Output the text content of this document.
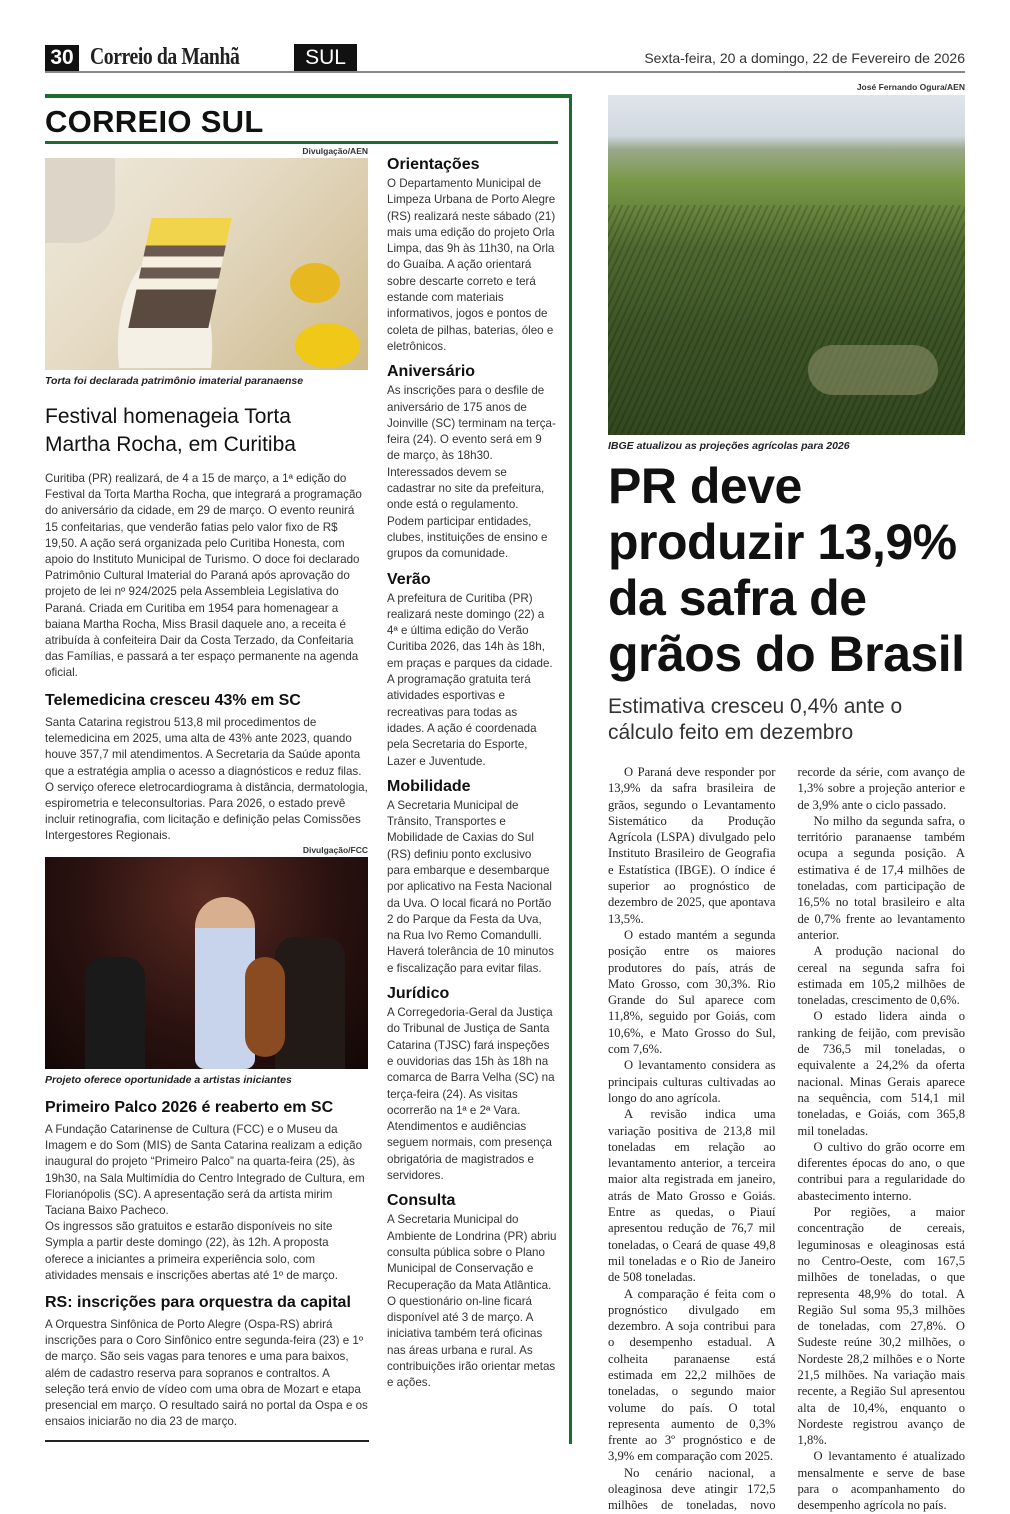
30 Correio da Manhã	SUL	Sexta-feira, 20 a domingo, 22 de Fevereiro de 2026
CORREIO SUL
Divulgação/AEN
Torta foi declarada patrimônio imaterial paranaense
Festival homenageia Torta Martha Rocha, em Curitiba
Curitiba (PR) realizará, de 4 a 15 de março, a 1ª edição do Festival da Torta Martha Rocha, que integrará a programação do aniversário da cidade, em 29 de março. O evento reunirá 15 confeitarias, que venderão fatias pelo valor fixo de R$ 19,50. A ação será organizada pelo Curitiba Honesta, com apoio do Instituto Municipal de Turismo. O doce foi declarado Patrimônio Cultural Imaterial do Paraná após aprovação do projeto de lei nº 924/2025 pela Assembleia Legislativa do Paraná. Criada em Curitiba em 1954 para homenagear a baiana Martha Rocha, Miss Brasil daquele ano, a receita é atribuída à confeiteira Dair da Costa Terzado, da Confeitaria das Famílias, e passará a ter espaço permanente na agenda oficial.
Telemedicina cresceu 43% em SC
Santa Catarina registrou 513,8 mil procedimentos de telemedicina em 2025, uma alta de 43% ante 2023, quando houve 357,7 mil atendimentos. A Secretaria da Saúde aponta que a estratégia amplia o acesso a diagnósticos e reduz filas. O serviço oferece eletrocardiograma à distância, dermatologia, espirometria e teleconsultorias. Para 2026, o estado prevê incluir retinografia, com licitação e definição pelas Comissões Intergestores Regionais.
Divulgação/FCC
Projeto oferece oportunidade a artistas iniciantes
Primeiro Palco 2026 é reaberto em SC
A Fundação Catarinense de Cultura (FCC) e o Museu da Imagem e do Som (MIS) de Santa Catarina realizam a edição inaugural do projeto “Primeiro Palco” na quarta-feira (25), às 19h30, na Sala Multimídia do Centro Integrado de Cultura, em Florianópolis (SC). A apresentação será da artista mirim Taciana Baixo Pacheco.
Os ingressos são gratuitos e estarão disponíveis no site Sympla a partir deste domingo (22), às 12h. A proposta oferece a iniciantes a primeira experiência solo, com atividades mensais e inscrições abertas até 1º de março.
RS: inscrições para orquestra da capital
A Orquestra Sinfônica de Porto Alegre (Ospa-RS) abrirá inscrições para o Coro Sinfônico entre segunda-feira (23) e 1º de março. São seis vagas para tenores e uma para baixos, além de cadastro reserva para sopranos e contraltos. A seleção terá envio de vídeo com uma obra de Mozart e etapa presencial em março. O resultado sairá no portal da Ospa e os ensaios iniciarão no dia 23 de março.
Orientações

O Departamento Municipal de Limpeza Urbana de Porto Alegre (RS) realizará neste sábado (21) mais uma edição do projeto Orla Limpa, das 9h às 11h30, na Orla do Guaíba. A ação orientará sobre descarte correto e terá estande com materiais informativos, jogos e pontos de coleta de pilhas, baterias, óleo e eletrônicos.

Aniversário

As inscrições para o desfile de aniversário de 175 anos de Joinville (SC) terminam na terça-feira (24). O evento será em 9 de março, às 18h30. Interessados devem se cadastrar no site da prefeitura, onde está o regulamento. Podem participar entidades, clubes, instituições de ensino e grupos da comunidade.

Verão

A prefeitura de Curitiba (PR) realizará neste domingo (22) a 4ª e última edição do Verão Curitiba 2026, das 14h às 18h, em praças e parques da cidade. A programação gratuita terá atividades esportivas e recreativas para todas as idades. A ação é coordenada pela Secretaria do Esporte, Lazer e Juventude.

Mobilidade

A Secretaria Municipal de Trânsito, Transportes e Mobilidade de Caxias do Sul (RS) definiu ponto exclusivo para embarque e desembarque por aplicativo na Festa Nacional da Uva. O local ficará no Portão 2 do Parque da Festa da Uva, na Rua Ivo Remo Comandulli. Haverá tolerância de 10 minutos e fiscalização para evitar filas.

Jurídico

A Corregedoria-Geral da Justiça do Tribunal de Justiça de Santa Catarina (TJSC) fará inspeções e ouvidorias das 15h às 18h na comarca de Barra Velha (SC) na terça-feira (24). As visitas ocorrerão na 1ª e 2ª Vara. Atendimentos e audiências seguem normais, com presença obrigatória de magistrados e servidores.

Consulta

A Secretaria Municipal do Ambiente de Londrina (PR) abriu consulta pública sobre o Plano Municipal de Conservação e Recuperação da Mata Atlântica. O questionário on-line ficará disponível até 3 de março. A iniciativa também terá oficinas nas áreas urbana e rural. As contribuições irão orientar metas e ações.

José Fernando Ogura/AEN
IBGE atualizou as projeções agrícolas para 2026
PR deve produzir 13,9% da safra de grãos do Brasil
Estimativa cresceu 0,4% ante o cálculo feito em dezembro

O Paraná deve responder por 13,9% da safra brasileira de grãos, segundo o Levantamento Sistemático da Produção Agrícola (LSPA) divulgado pelo Instituto Brasileiro de Geografia e Estatística (IBGE). O índice é superior ao prognóstico de dezembro de 2025, que apontava 13,5%.

O estado mantém a segunda posição entre os maiores produtores do país, atrás de Mato Grosso, com 30,3%. Rio Grande do Sul aparece com 11,8%, seguido por Goiás, com 10,6%, e Mato Grosso do Sul, com 7,6%.

O levantamento considera as principais culturas cultivadas ao longo do ano agrícola.

A revisão indica uma variação positiva de 213,8 mil toneladas em relação ao levantamento anterior, a terceira maior alta registrada em janeiro, atrás de Mato Grosso e Goiás. Entre as quedas, o Piauí apresentou redução de 76,7 mil toneladas, o Ceará de quase 49,8 mil toneladas e o Rio de Janeiro de 508 toneladas.

A comparação é feita com o prognóstico divulgado em dezembro. A soja contribui para o desempenho estadual. A colheita paranaense está estimada em 22,2 milhões de toneladas, o segundo maior volume do país. O total representa aumento de 0,3% frente ao 3º prognóstico e de 3,9% em comparação com 2025.

No cenário nacional, a oleaginosa deve atingir 172,5 milhões de toneladas, novo recorde da série, com avanço de 1,3% sobre a projeção anterior e de 3,9% ante o ciclo passado.

No milho da segunda safra, o território paranaense também ocupa a segunda posição. A estimativa é de 17,4 milhões de toneladas, com participação de 16,5% no total brasileiro e alta de 0,7% frente ao levantamento anterior.

A produção nacional do cereal na segunda safra foi estimada em 105,2 milhões de toneladas, crescimento de 0,6%.

O estado lidera ainda o ranking de feijão, com previsão de 736,5 mil toneladas, o equivalente a 24,2% da oferta nacional. Minas Gerais aparece na sequência, com 514,1 mil toneladas, e Goiás, com 365,8 mil toneladas.

O cultivo do grão ocorre em diferentes épocas do ano, o que contribui para a regularidade do abastecimento interno.

Por regiões, a maior concentração de cereais, leguminosas e oleaginosas está no Centro-Oeste, com 167,5 milhões de toneladas, o que representa 48,9% do total. A Região Sul soma 95,3 milhões de toneladas, com 27,8%. O Sudeste reúne 30,2 milhões, o Nordeste 28,2 milhões e o Norte 21,5 milhões. Na variação mais recente, a Região Sul apresentou alta de 10,4%, enquanto o Nordeste registrou avanço de 1,8%.

O levantamento é atualizado mensalmente e serve de base para o acompanhamento do desempenho agrícola no país.
